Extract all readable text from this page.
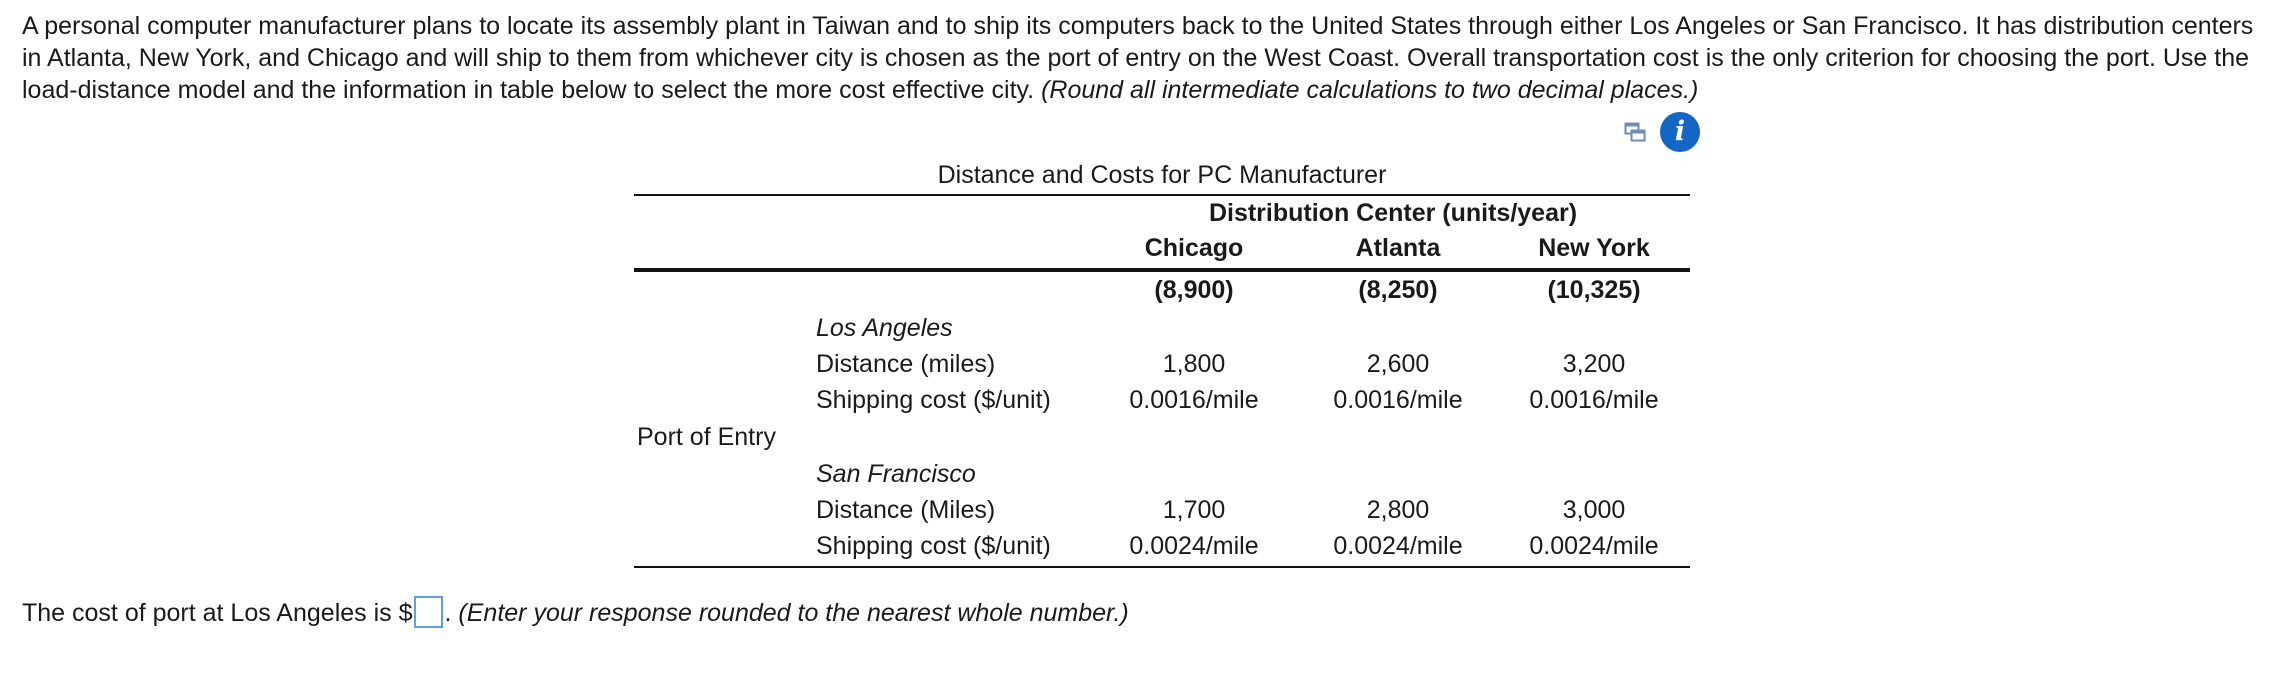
A personal computer manufacturer plans to locate its assembly plant in Taiwan and to ship its computers back to the United States through either Los Angeles or San Francisco. It has distribution centers in Atlanta, New York, and Chicago and will ship to them from whichever city is chosen as the port of entry on the West Coast. Overall transportation cost is the only criterion for choosing the port. Use the load-distance model and the information in table below to select the more cost effective city. (Round all intermediate calculations to two decimal places.)
i
Distance and Costs for PC Manufacturer
Distribution Center (units/year)
Chicago	Atlanta	New York
(8,900)	(8,250)	(10,325)
Los Angeles
Distance (miles)	1,800	2,600	3,200
Shipping cost ($/unit)	0.0016/mile	0.0016/mile	0.0016/mile
Port of Entry
San Francisco
Distance (Miles)	1,700	2,800	3,000
Shipping cost ($/unit)	0.0024/mile	0.0024/mile	0.0024/mile
The cost of port at Los Angeles is $ . (Enter your response rounded to the nearest whole number.)
